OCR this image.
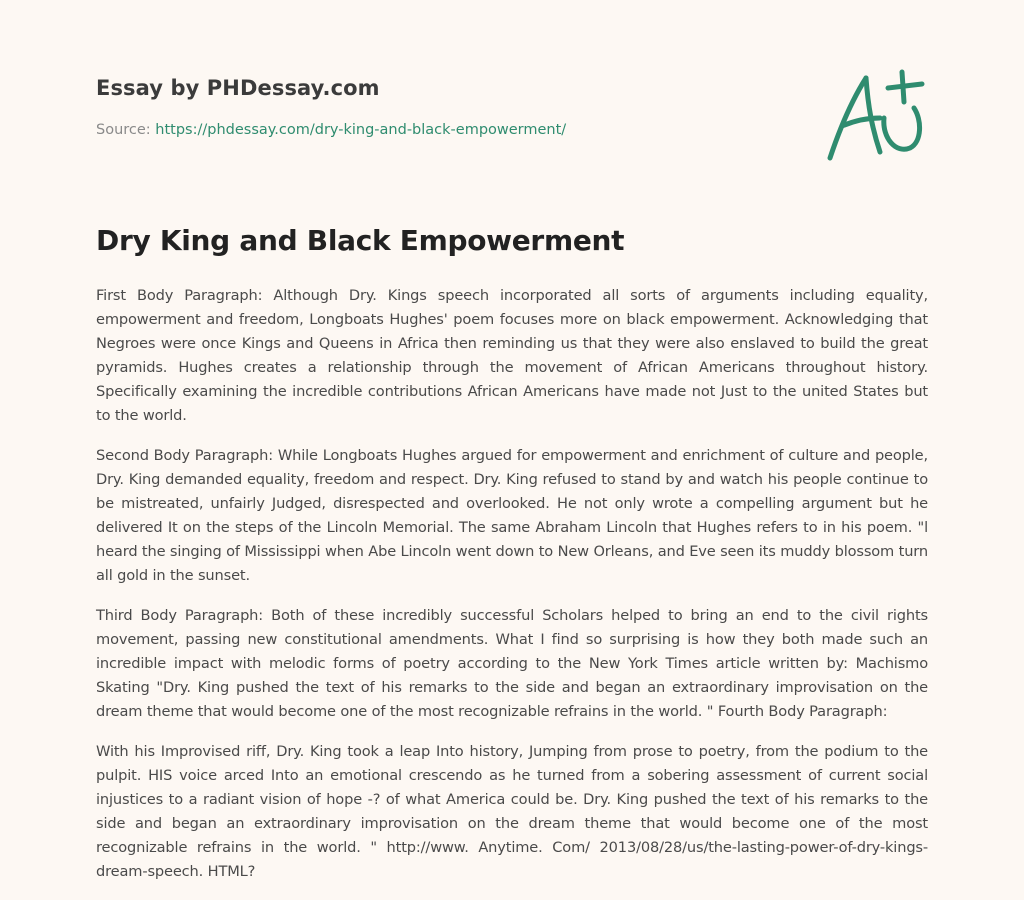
Essay by PHDessay.com
Source: https://phdessay.com/dry-king-and-black-empowerment/
Dry King and Black Empowerment

First Body Paragraph: Although Dry. Kings speech incorporated all sorts of arguments including equality, empowerment and freedom, Longboats Hughes' poem focuses more on black empowerment. Acknowledging that Negroes were once Kings and Queens in Africa then reminding us that they were also enslaved to build the great pyramids. Hughes creates a relationship through the movement of African Americans throughout history. Specifically examining the incredible contributions African Americans have made not Just to the united States but to the world.

Second Body Paragraph: While Longboats Hughes argued for empowerment and enrichment of culture and people, Dry. King demanded equality, freedom and respect. Dry. King refused to stand by and watch his people continue to be mistreated, unfairly Judged, disrespected and overlooked. He not only wrote a compelling argument but he delivered It on the steps of the Lincoln Memorial. The same Abraham Lincoln that Hughes refers to in his poem. "l heard the singing of Mississippi when Abe Lincoln went down to New Orleans, and Eve seen its muddy blossom turn all gold in the sunset.

Third Body Paragraph: Both of these incredibly successful Scholars helped to bring an end to the civil rights movement, passing new constitutional amendments. What I find so surprising is how they both made such an incredible impact with melodic forms of poetry according to the New York Times article written by: Machismo Skating "Dry. King pushed the text of his remarks to the side and began an extraordinary improvisation on the dream theme that would become one of the most recognizable refrains in the world. " Fourth Body Paragraph:

With his Improvised riff, Dry. King took a leap Into history, Jumping from prose to poetry, from the podium to the pulpit. HIS voice arced Into an emotional crescendo as he turned from a sobering assessment of current social injustices to a radiant vision of hope -? of what America could be. Dry. King pushed the text of his remarks to the side and began an extraordinary improvisation on the dream theme that would become one of the most recognizable refrains in the world. " http://www. Anytime. Com/ 2013/08/28/us/the-lasting-power-of-dry-kings-dream-speech. HTML?
